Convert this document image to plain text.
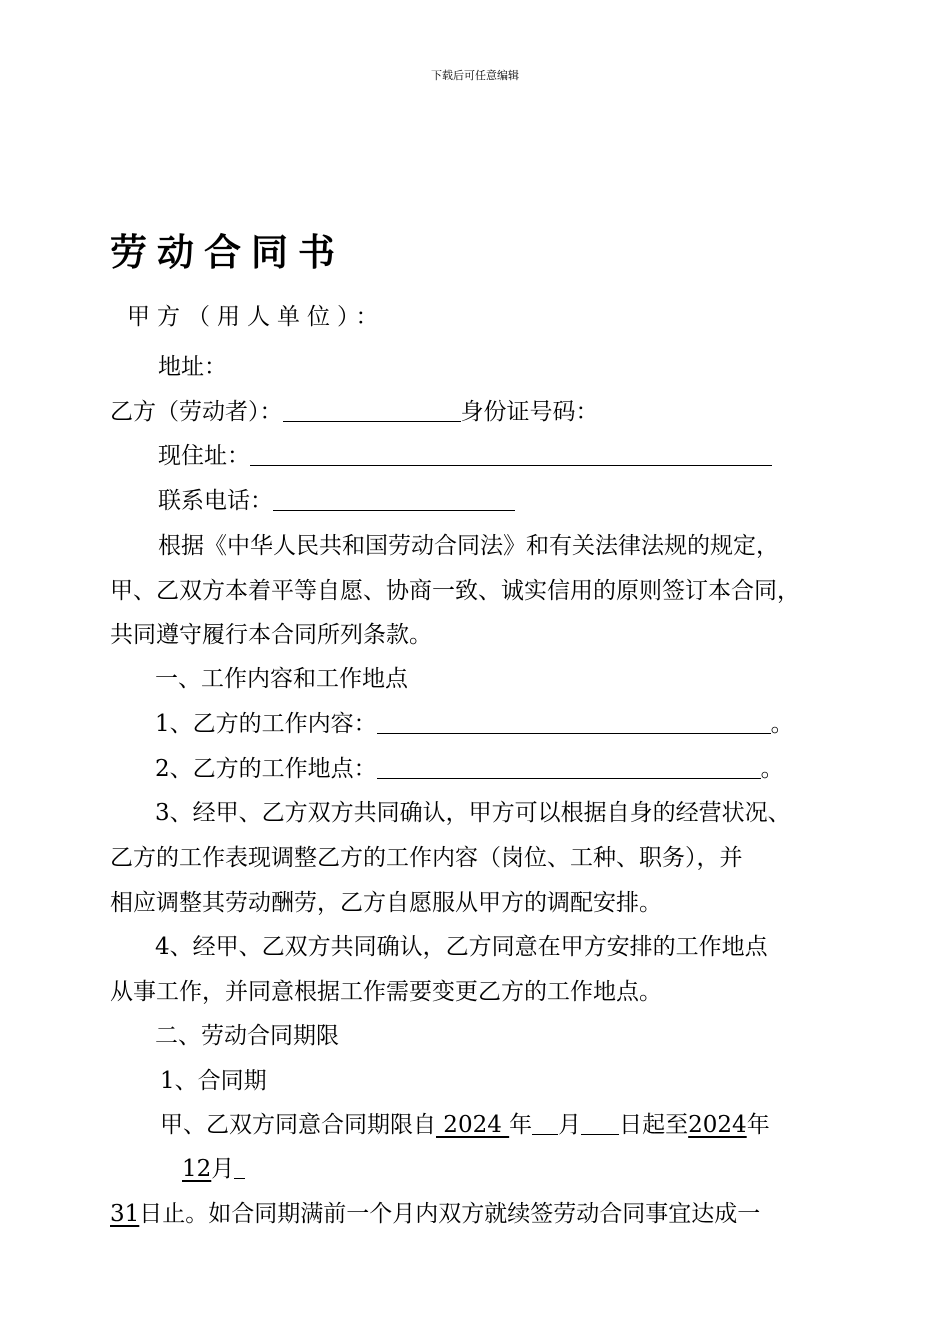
下载后可任意编辑
劳动合同书
甲方（用人单位）：
地址：
乙方（劳动者）：	身份证号码：
现住址：
联系电话：
根据《中华人民共和国劳动合同法》和有关法律法规的规定，
甲、乙双方本着平等自愿、协商一致、诚实信用的原则签订本合同，
共同遵守履行本合同所列条款。
一、工作内容和工作地点
1、乙方的工作内容：	。
2、乙方的工作地点：	。
3、经甲、乙方双方共同确认，甲方可以根据自身的经营状况、
乙方的工作表现调整乙方的工作内容（岗位、工种、职务），并
相应调整其劳动酬劳，乙方自愿服从甲方的调配安排。
4、经甲、乙双方共同确认，乙方同意在甲方安排的工作地点
从事工作，并同意根据工作需要变更乙方的工作地点。
二、劳动合同期限
1、合同期
甲、乙双方同意合同期限自 2024 年 月 日起至2024年
12月
31日止。如合同期满前一个月内双方就续签劳动合同事宜达成一
